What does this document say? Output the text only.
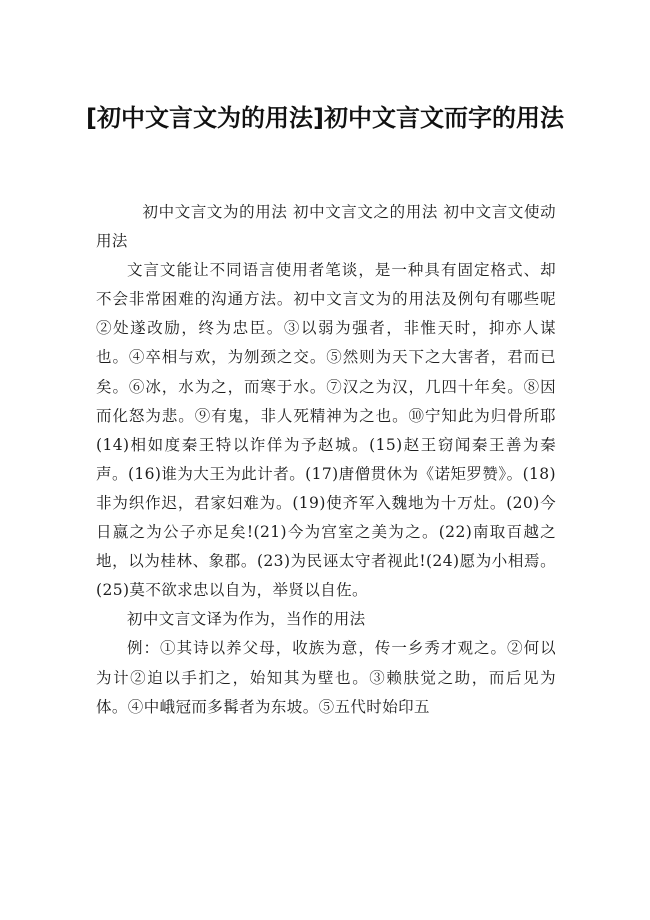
[初中文言文为的用法]初中文言文而字的用法

初中文言文为的用法 初中文言文之的用法 初中文言文使动用法

文言文能让不同语言使用者笔谈，是一种具有固定格式、却不会非常困难的沟通方法。初中文言文为的用法及例句有哪些呢②处遂改励，终为忠臣。③以弱为强者，非惟天时，抑亦人谋也。④卒相与欢，为刎颈之交。⑤然则为天下之大害者，君而已矣。⑥冰，水为之，而寒于水。⑦汉之为汉，几四十年矣。⑧因而化怒为悲。⑨有鬼，非人死精神为之也。⑩宁知此为归骨所耶(14)相如度秦王特以诈佯为予赵城。(15)赵王窃闻秦王善为秦声。(16)谁为大王为此计者。(17)唐僧贯休为《诺矩罗赞》。(18)非为织作迟，君家妇难为。(19)使齐军入魏地为十万灶。(20)今日嬴之为公子亦足矣!(21)今为宫室之美为之。(22)南取百越之地，以为桂林、象郡。(23)为民诬太守者视此!(24)愿为小相焉。(25)莫不欲求忠以自为，举贤以自佐。

初中文言文译为作为，当作的用法

例：①其诗以养父母，收族为意，传一乡秀才观之。②何以为计②迫以手扪之，始知其为壁也。③赖肤觉之助，而后见为体。④中峨冠而多髯者为东坡。⑤五代时始印五
